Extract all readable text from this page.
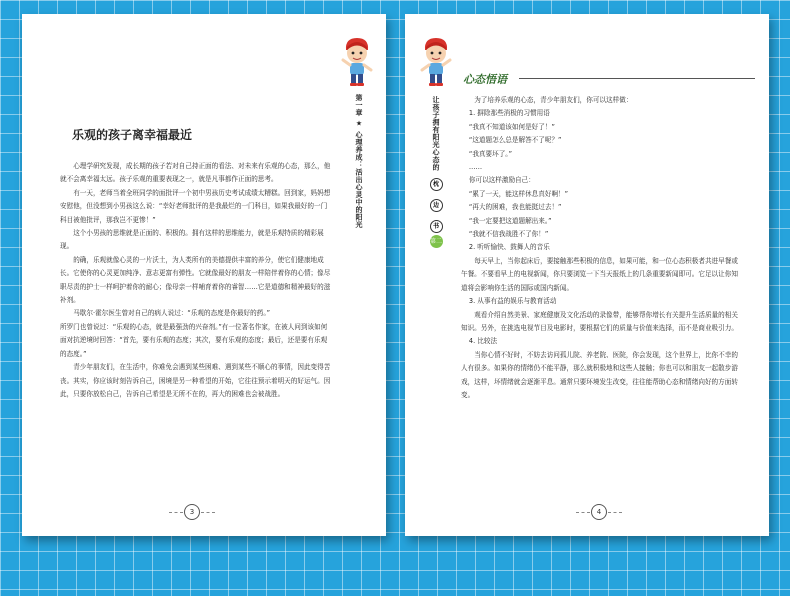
第一章 ★ 心理养成：活出心灵中的阳光
乐观的孩子离幸福最近

心理学研究发现，成长期的孩子若对自己持正面的看法、对未来有乐观的心态，那么，他就不会离幸福太远。孩子乐观的重要表现之一，就是凡事都作正面的思考。

有一天，老师当着全班同学的面批评一个初中男孩历史考试成绩太糟糕。回到家，妈妈想安慰他，但没想到小男孩这么说：“幸好老师批评的是我最烂的一门科目，如果我最好的一门科目被他批评，那我岂不更惨！”

这个小男孩的思维就是正面的、积极的。拥有这样的思维能力，就是乐观特质的精彩展现。

的确，乐观就像心灵的一片沃土，为人类所有的美德提供丰富的养分，使它们健康地成长。它使你的心灵更加纯净、意志更富有弹性。它就像最好的朋友一样陪伴着你的心情；像尽职尽责的护士一样呵护着你的耐心；像母亲一样哺育着你的睿智……它是道德和精神最好的滋补剂。

马歇尔·霍尔医生曾对自己的病人说过：“乐观的态度是你最好的药。”

所罗门也曾说过：“乐观的心态，就是最强劲的兴奋剂。”有一位著名作家，在被人问到该如何面对抗逆境时回答：“首先，要有乐观的态度；其次，要有乐观的态度；最后，还是要有乐观的态度。”

青少年朋友们，在生活中，你难免会遇到某些困难、遇到某些不顺心的事情，因此变得苦丧。其实，你应该时刻告诉自己，困境是另一种希望的开始，它往往预示着明天的好运气。因此，只要你放松自己，告诉自己希望是无所不在的，再大的困难也会被战胜。

3
心态悟语
让孩子拥有阳光心态的
枕 边 书 第二版

为了培养乐观的心态，青少年朋友们，你可以这样做：

1. 摒除那些消极的习惯用语

“我真不知道该如何是好了！”

“这道题怎么总是解答不了呢？”

“我真要坏了。”

……

你可以这样激励自己：

“累了一天，能这样休息真好啊！”

“再大的困难，我也能挺过去！”

“我一定要把这道题解出来。”

“我就不信我战胜不了你！”

2. 听听愉快、鼓舞人的音乐

每天早上，当你起床后，要接触那些积极的信息，如果可能，和一位心态积极者共进早餐或午餐。不要看早上的电视新闻，你只要浏览一下当天报纸上的几条重要新闻即可。它足以让你知道将会影响你生活的国际或国内新闻。

3. 从事有益的娱乐与教育活动

观看介绍自然美景、家庭健康及文化活动的录像带，能够帮你增长有关提升生活质量的相关知识。另外，在挑选电视节目及电影时，要根据它们的质量与价值来选择，而不是商业吸引力。

4. 比较法

当你心情不好时，不妨去访问孤儿院、养老院、医院，你会发现，这个世界上，比你不幸的人有很多。如果你的情绪仍不能平静，那么就积极地和这些人接触；你也可以和朋友一起散步游戏，这样，坏情绪就会逐渐平息。通常只要环境发生改变，往往能帮助心态和情绪向好的方面转变。

4
